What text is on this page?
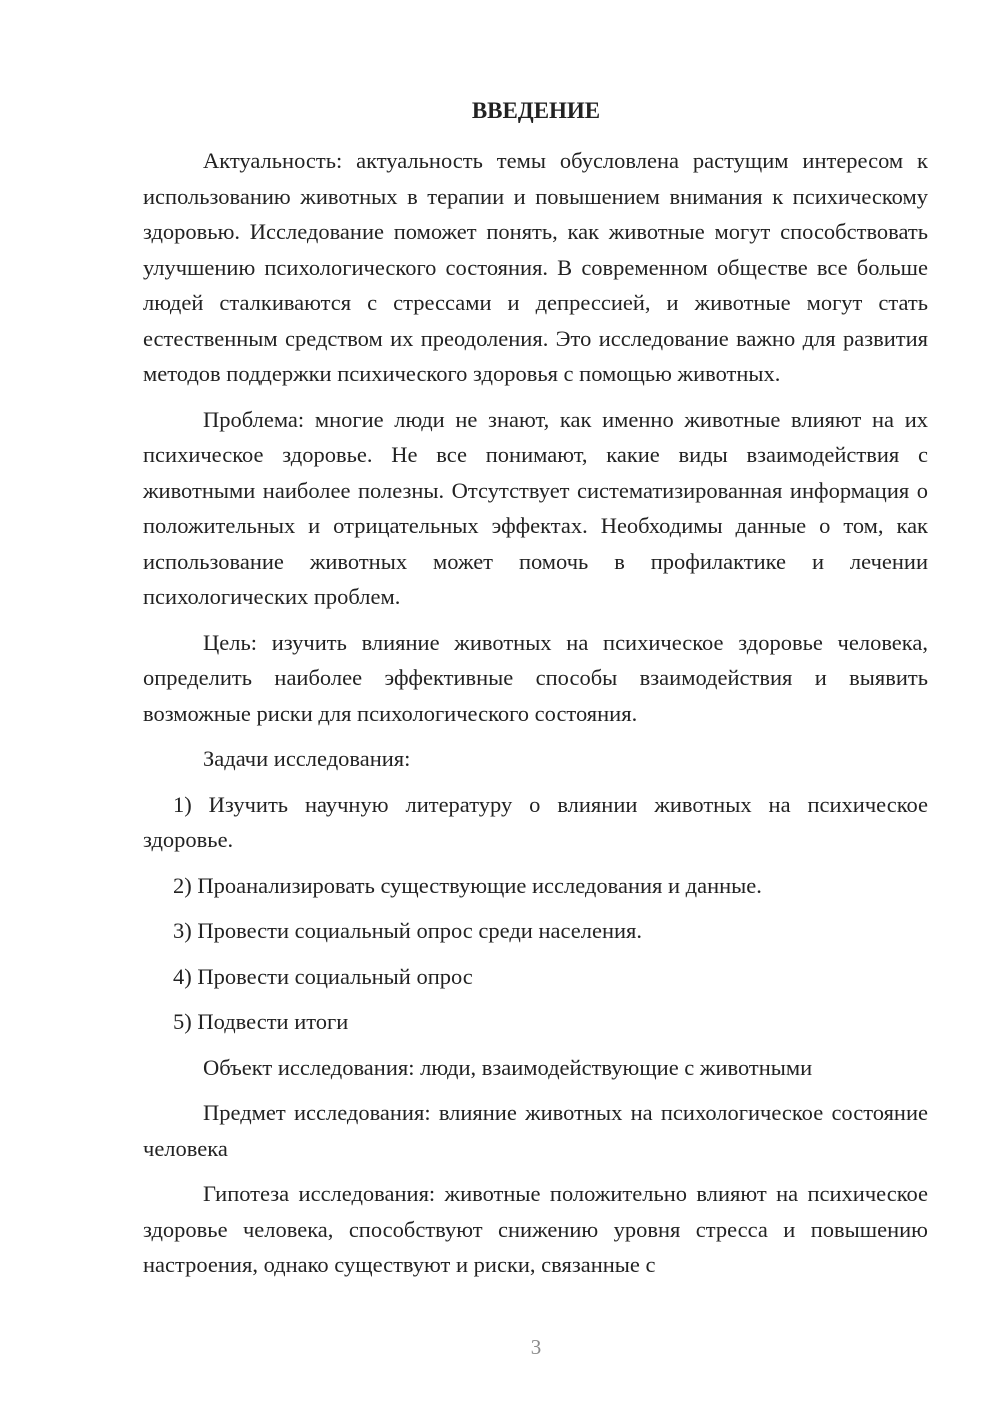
ВВЕДЕНИЕ

Актуальность: актуальность темы обусловлена растущим интересом к использованию животных в терапии и повышением внимания к психическому здоровью. Исследование поможет понять, как животные могут способствовать улучшению психологического состояния. В современном обществе все больше людей сталкиваются с стрессами и депрессией, и животные могут стать естественным средством их преодоления. Это исследование важно для развития методов поддержки психического здоровья с помощью животных.

Проблема: многие люди не знают, как именно животные влияют на их психическое здоровье. Не все понимают, какие виды взаимодействия с животными наиболее полезны. Отсутствует систематизированная информация о положительных и отрицательных эффектах. Необходимы данные о том, как использование животных может помочь в профилактике и лечении психологических проблем.

Цель: изучить влияние животных на психическое здоровье человека, определить наиболее эффективные способы взаимодействия и выявить возможные риски для психологического состояния.

Задачи исследования:

1) Изучить научную литературу о влиянии животных на психическое здоровье.

2) Проанализировать существующие исследования и данные.

3) Провести социальный опрос среди населения.

4) Провести социальный опрос

5) Подвести итоги

Объект исследования: люди, взаимодействующие с животными

Предмет исследования: влияние животных на психологическое состояние человека

Гипотеза исследования: животные положительно влияют на психическое здоровье человека, способствуют снижению уровня стресса и повышению настроения, однако существуют и риски, связанные с

3
